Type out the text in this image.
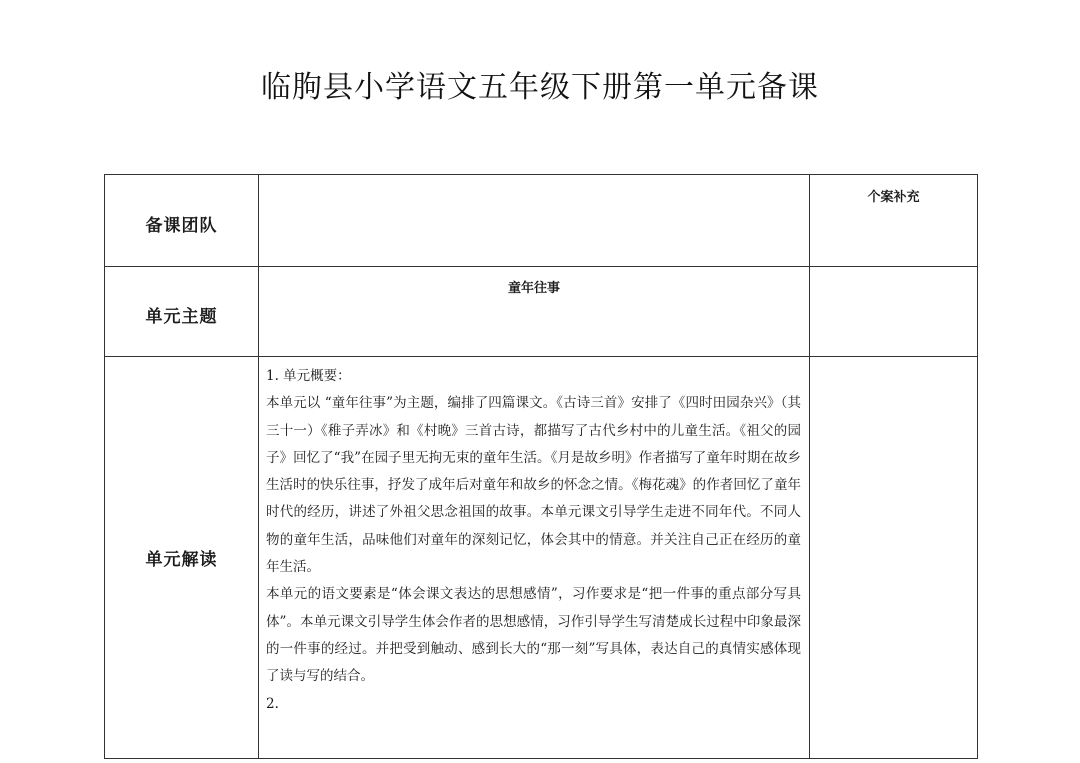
临朐县小学语文五年级下册第一单元备课
备课团队		个案补充
单元主题	童年往事	
单元解读	1. 单元概要：

本单元以 “童年往事”为主题，编排了四篇课文。《古诗三首》安排了《四时田园杂兴》（其三十一）《稚子弄冰》和《村晚》三首古诗，都描写了古代乡村中的儿童生活。《祖父的园子》回忆了“我”在园子里无拘无束的童年生活。《月是故乡明》作者描写了童年时期在故乡生活时的快乐往事，抒发了成年后对童年和故乡的怀念之情。《梅花魂》的作者回忆了童年时代的经历，讲述了外祖父思念祖国的故事。本单元课文引导学生走进不同年代。不同人物的童年生活，品味他们对童年的深刻记忆，体会其中的情意。并关注自己正在经历的童年生活。

本单元的语文要素是“体会课文表达的思想感情”，习作要求是“把一件事的重点部分写具体”。本单元课文引导学生体会作者的思想感情，习作引导学生写清楚成长过程中印象最深的一件事的经过。并把受到触动、感到长大的“那一刻”写具体，表达自己的真情实感体现了读与写的结合。

2.	
